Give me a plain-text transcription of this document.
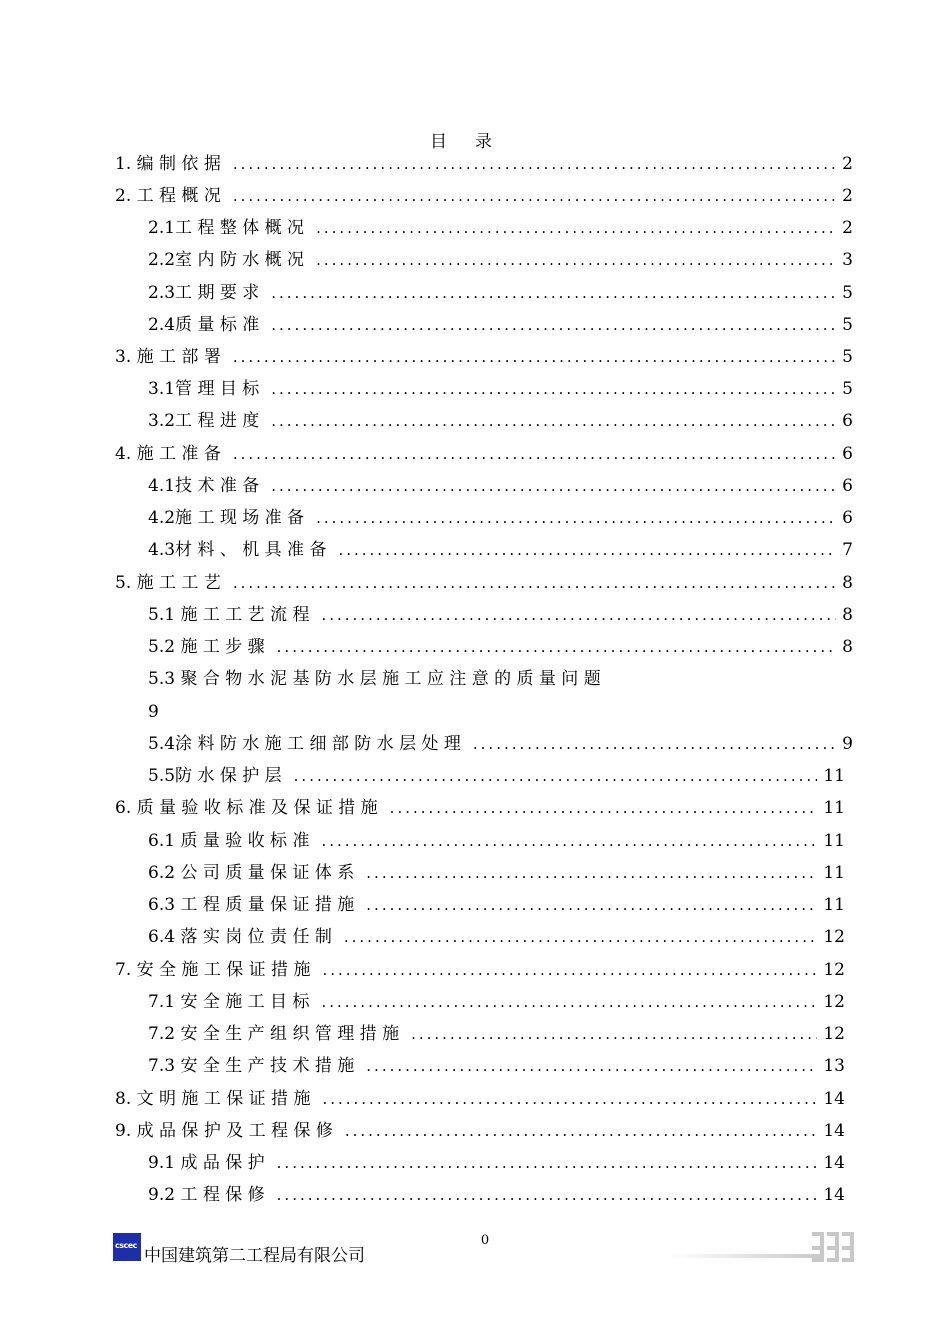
目录
1. 编 制 依 据 .....	2
2. 工 程 概 况 .....	2
2.1工 程 整 体 概 况 .....	2
2.2室 内 防 水 概 况 .....	3
2.3工 期 要 求 .....	5
2.4质 量 标 准 .....	5
3. 施 工 部 署 .....	5
3.1管 理 目 标 .....	5
3.2工 程 进 度 .....	6
4. 施 工 准 备 .....	6
4.1技 术 准 备 .....	6
4.2施 工 现 场 准 备 .....	6
4.3材 料 、 机 具 准 备 .....	7
5. 施 工 工 艺 .....	8
5.1 施 工 工 艺 流 程 .....	8
5.2 施 工 步 骤 .....	8
5.3 聚 合 物 水 泥 基 防 水 层 施 工 应 注 意 的 质 量 问 题
9
5.4涂 料 防 水 施 工 细 部 防 水 层 处 理 .....	9
5.5防 水 保 护 层 .....	11
6. 质 量 验 收 标 准 及 保 证 措 施 .....	11
6.1 质 量 验 收 标 准 .....	11
6.2 公 司 质 量 保 证 体 系 .....	11
6.3 工 程 质 量 保 证 措 施 .....	11
6.4 落 实 岗 位 责 任 制 .....	12
7. 安 全 施 工 保 证 措 施 .....	12
7.1 安 全 施 工 目 标 .....	12
7.2 安 全 生 产 组 织 管 理 措 施 .....	12
7.3 安 全 生 产 技 术 措 施 .....	13
8. 文 明 施 工 保 证 措 施 .....	14
9. 成 品 保 护 及 工 程 保 修 .....	14
9.1 成 品 保 护 .....	14
9.2 工 程 保 修 .....	14
0
cscec
中国建筑第二工程局有限公司
